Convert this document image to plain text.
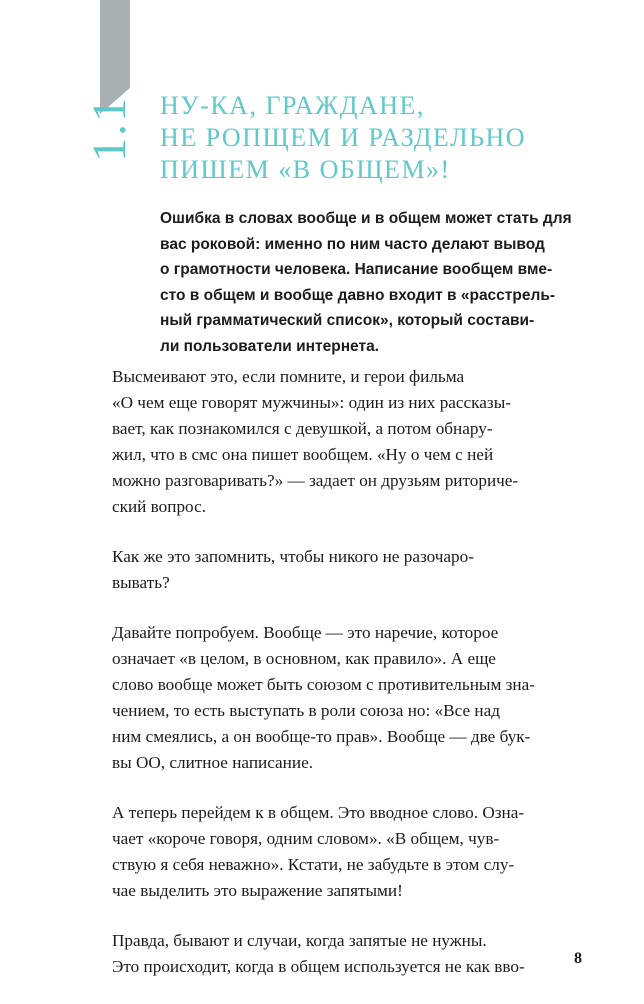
1.1 НУ-КА, ГРАЖДАНЕ,
НЕ РОПЩЕМ И РАЗДЕЛЬНО
ПИШЕМ «В ОБЩЕМ»!
Ошибка в словах вообще и в общем может стать для
вас роковой: именно по ним часто делают вывод
о грамотности человека. Написание вообщем вме-
сто в общем и вообще давно входит в «расстрель-
ный грамматический список», который состави-
ли пользователи интернета.

Высмеивают это, если помните, и герои фильма
«О чем еще говорят мужчины»: один из них рассказы-
вает, как познакомился с девушкой, а потом обнару-
жил, что в смс она пишет вообщем. «Ну о чем с ней
можно разговаривать?» — задает он друзьям риториче-
ский вопрос.

Как же это запомнить, чтобы никого не разочаро-
вывать?

Давайте попробуем. Вообще — это наречие, которое
означает «в целом, в основном, как правило». А еще
слово вообще может быть союзом с противительным зна-
чением, то есть выступать в роли союза но: «Все над
ним смеялись, а он вообще-то прав». Вообще — две бук-
вы ОО, слитное написание.

А теперь перейдем к в общем. Это вводное слово. Озна-
чает «короче говоря, одним словом». «В общем, чув-
ствую я себя неважно». Кстати, не забудьте в этом слу-
чае выделить это выражение запятыми!

Правда, бывают и случаи, когда запятые не нужны.
Это происходит, когда в общем используется не как вво-	8
